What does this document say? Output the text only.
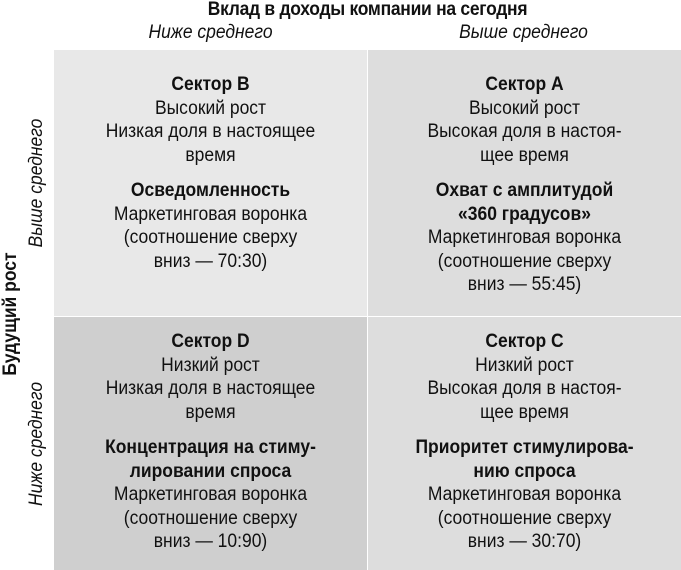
Вклад в доходы компании на сегодня
Ниже среднего	Выше среднего
Будущий рост
Выше среднего
Ниже среднего
Сектор B
Высокий рост
Низкая доля в настоящее
время
Осведомленность
Маркетинговая воронка
(соотношение сверху
вниз — 70:30)
Сектор A
Высокий рост
Высокая доля в настоя-
щее время
Охват с амплитудой
«360 градусов»
Маркетинговая воронка
(соотношение сверху
вниз — 55:45)
Сектор D
Низкий рост
Низкая доля в настоящее
время
Концентрация на стиму-
лировании спроса
Маркетинговая воронка
(соотношение сверху
вниз — 10:90)
Сектор C
Низкий рост
Высокая доля в настоя-
щее время
Приоритет стимулирова-
нию спроса
Маркетинговая воронка
(соотношение сверху
вниз — 30:70)
